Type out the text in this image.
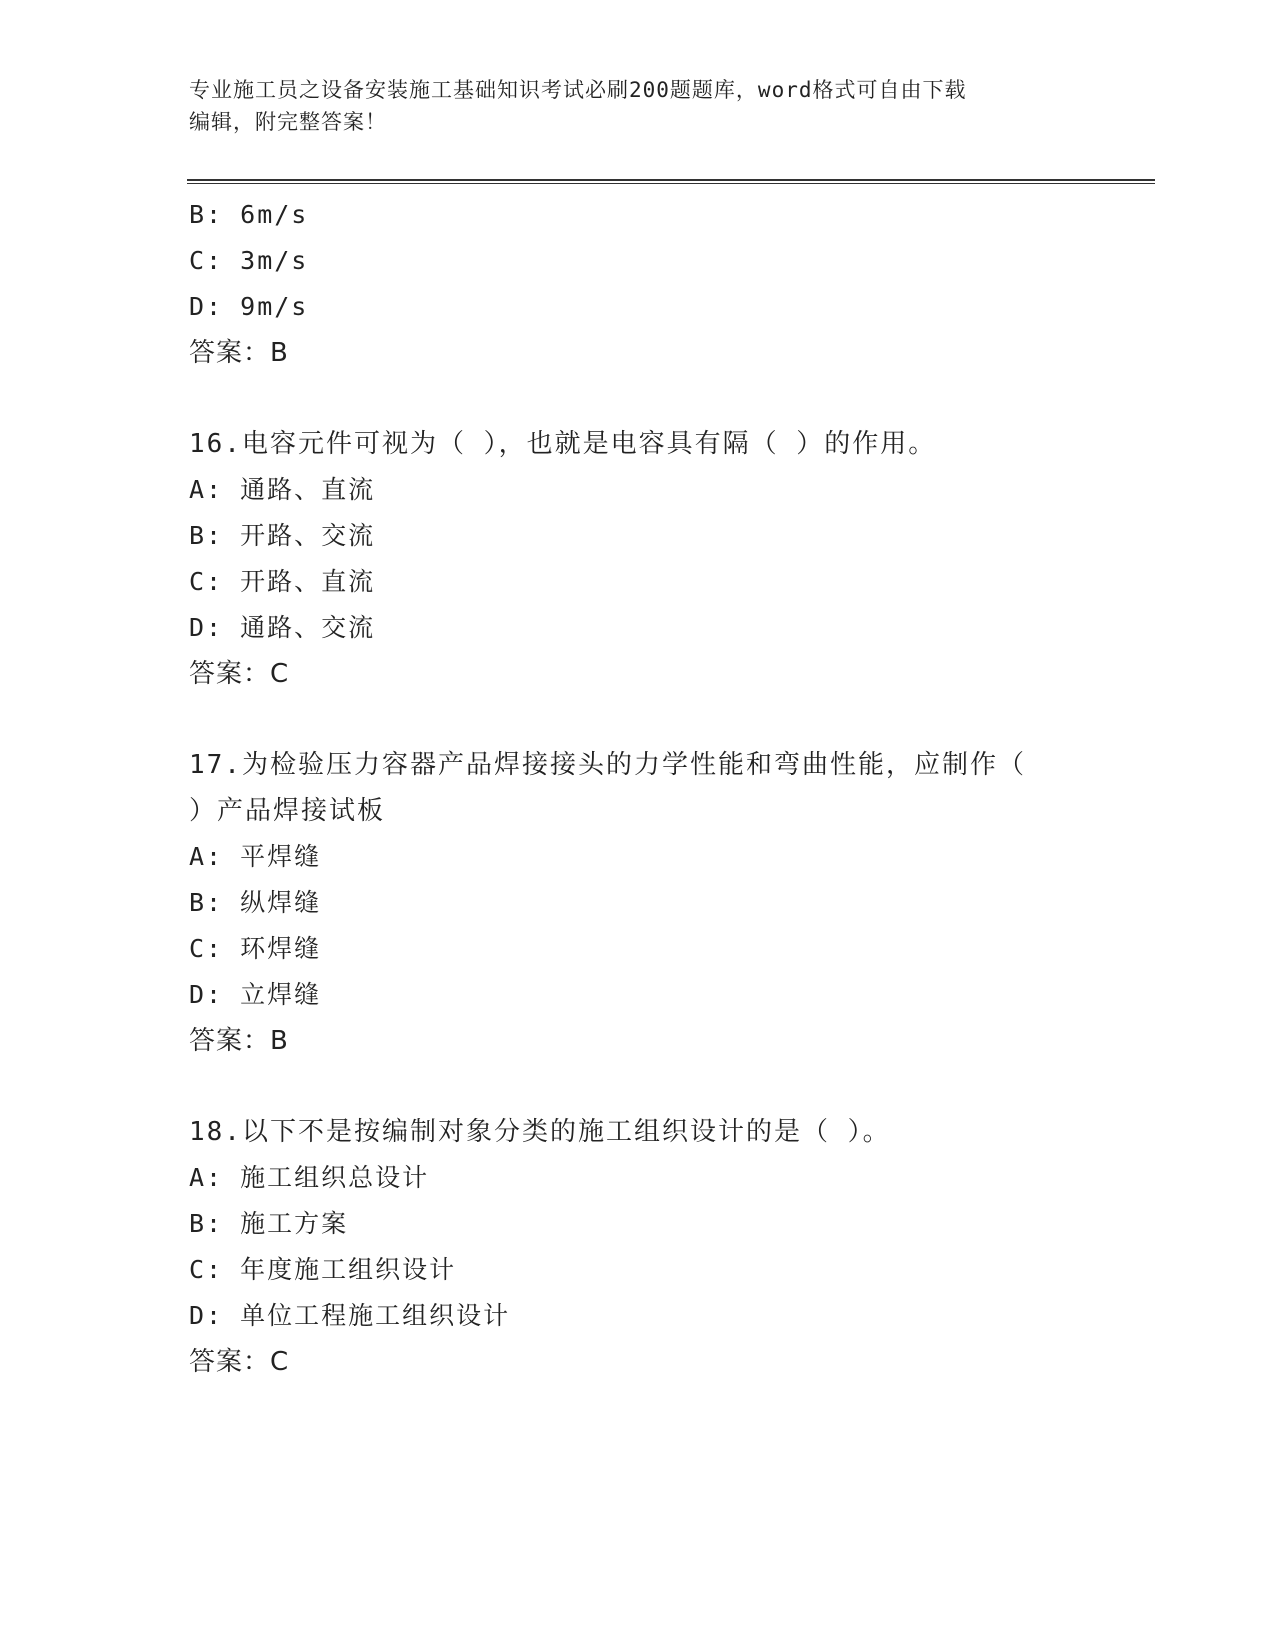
专业施工员之设备安装施工基础知识考试必刷200题题库，word格式可自由下载
编辑，附完整答案！
B: 6m/s
C: 3m/s
D: 9m/s
答案：B
16.电容元件可视为（ ），也就是电容具有隔（ ）的作用。
A: 通路、直流
B: 开路、交流
C: 开路、直流
D: 通路、交流
答案：C
17.为检验压力容器产品焊接接头的力学性能和弯曲性能，应制作（
）产品焊接试板
A: 平焊缝
B: 纵焊缝
C: 环焊缝
D: 立焊缝
答案：B
18.以下不是按编制对象分类的施工组织设计的是（ ）。
A: 施工组织总设计
B: 施工方案
C: 年度施工组织设计
D: 单位工程施工组织设计
答案：C
